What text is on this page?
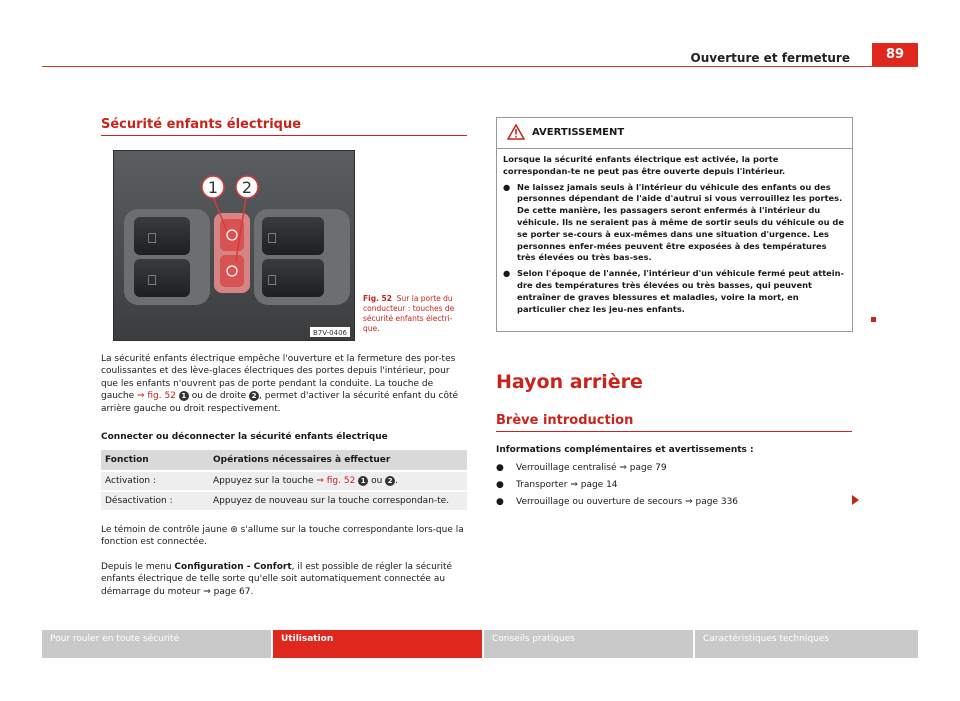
Ouverture et fermeture	89
Sécurité enfants électrique
⎕
⎕
⎕
⎕
1 2
B7V-0406
Fig. 52 Sur la porte du conducteur : touches de sécurité enfants électri-que.
La sécurité enfants électrique empêche l'ouverture et la fermeture des por-tes coulissantes et des lève-glaces électriques des portes depuis l'intérieur, pour que les enfants n'ouvrent pas de porte pendant la conduite. La touche de gauche ⇒ fig. 52 1 ou de droite 2 , permet d'activer la sécurité enfant du côté arrière gauche ou droit respectivement.
Connecter ou déconnecter la sécurité enfants électrique
Fonction	Opérations nécessaires à effectuer
Activation :	Appuyez sur la touche ⇒ fig. 52 1 ou 2 .
Désactivation :	Appuyez de nouveau sur la touche correspondan-te.
Le témoin de contrôle jaune ⊛ s'allume sur la touche correspondante lors-que la fonction est connectée.
Depuis le menu Configuration - Confort, il est possible de régler la sécurité enfants électrique de telle sorte qu'elle soit automatiquement connectée au démarrage du moteur ⇒ page 67.
AVERTISSEMENT

Lorsque la sécurité enfants électrique est activée, la porte correspondan-te ne peut pas être ouverte depuis l'intérieur.

● Ne laissez jamais seuls à l'intérieur du véhicule des enfants ou des personnes dépendant de l'aide d'autrui si vous verrouillez les portes. De cette manière, les passagers seront enfermés à l'intérieur du véhicule. Ils ne seraient pas à même de sortir seuls du véhicule ou de se porter se-cours à eux-mêmes dans une situation d'urgence. Les personnes enfer-mées peuvent être exposées à des températures très élevées ou très bas-ses.
● Selon l'époque de l'année, l'intérieur d'un véhicule fermé peut attein-dre des températures très élevées ou très basses, qui peuvent entraîner de graves blessures et maladies, voire la mort, en particulier chez les jeu-nes enfants.
Hayon arrière
Brève introduction
Informations complémentaires et avertissements :
●	Verrouillage centralisé ⇒ page 79
●	Transporter ⇒ page 14
●	Verrouillage ou ouverture de secours ⇒ page 336
Pour rouler en toute sécurité	Utilisation	Conseils pratiques	Caractéristiques techniques
